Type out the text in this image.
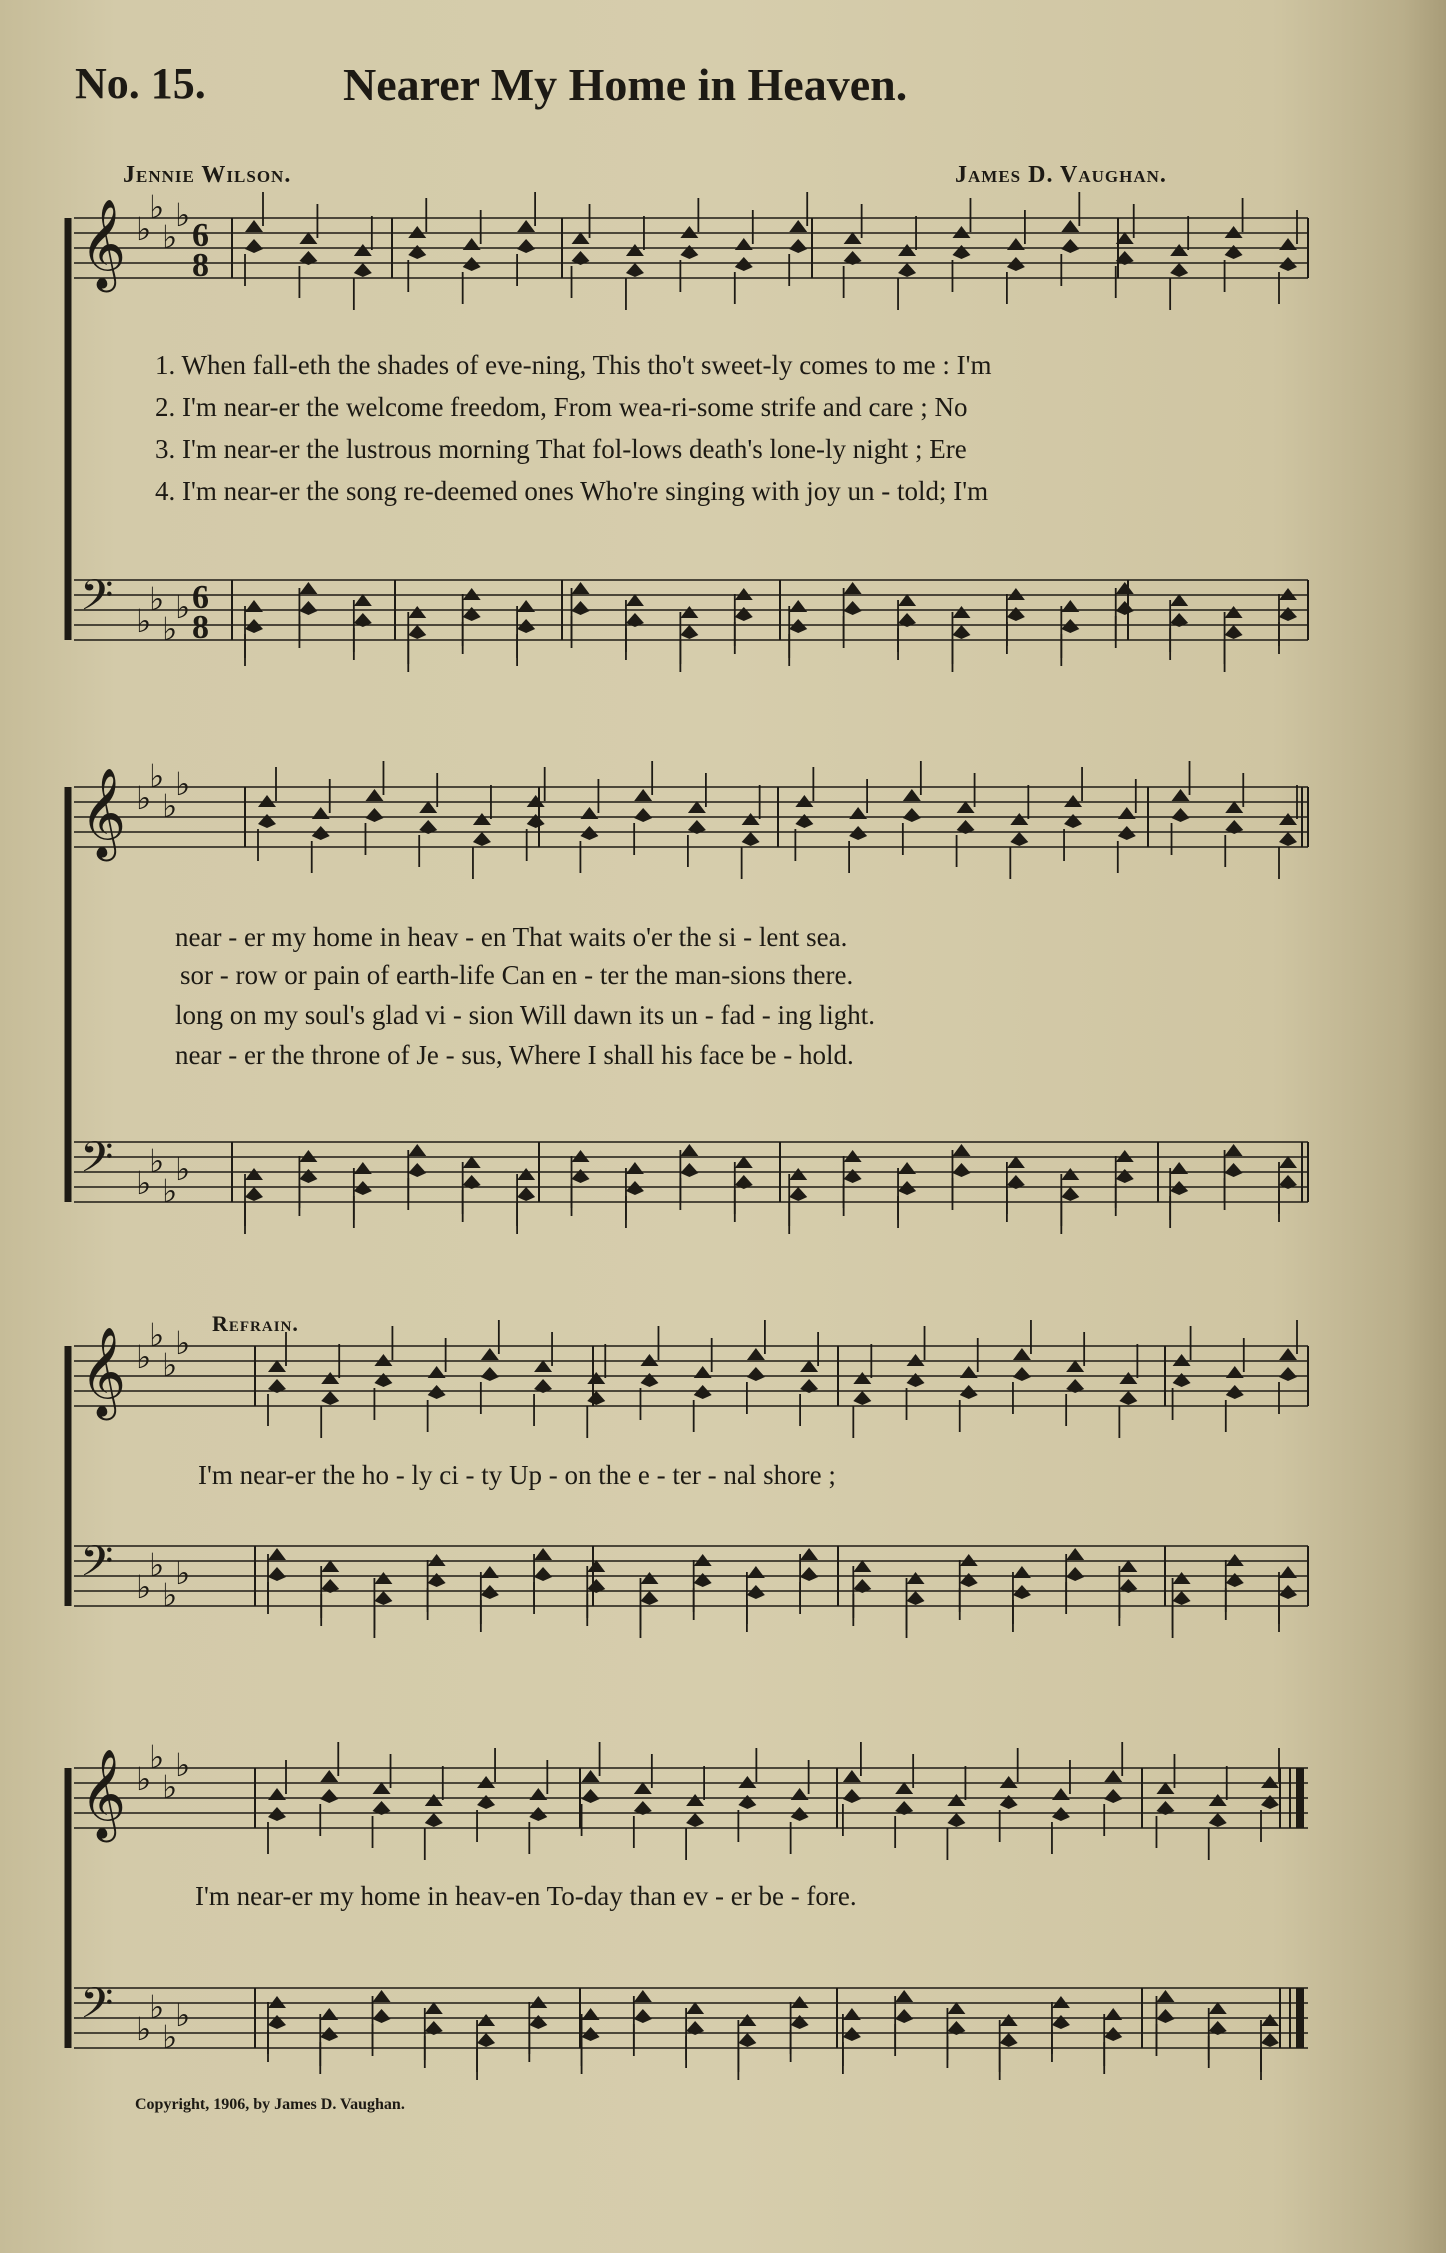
No. 15.	Nearer My Home in Heaven.
Jennie Wilson.	James D. Vaughan.
𝄞 ♭
♭
♭
♭
6
8
𝄢 ♭
♭
♭
♭ 6
8
𝄞 ♭
♭
♭
♭
𝄢 ♭
♭
♭
♭
𝄞 ♭
♭
♭
♭
𝄢 ♭
♭
♭
♭
𝄞 ♭
♭
♭
♭
𝄢 ♭
♭
♭
♭
1. When fall-eth the shades of eve-ning, This tho't sweet-ly comes to me : I'm
2. I'm near-er the welcome freedom, From wea-ri-some strife and care ; No
3. I'm near-er the lustrous morning That fol-lows death's lone-ly night ; Ere
4. I'm near-er the song re-deemed ones Who're singing with joy un - told; I'm
near - er my home in heav - en That waits o'er the si - lent sea.
sor - row or pain of earth-life Can en - ter the man-sions there.
long on my soul's glad vi - sion Will dawn its un - fad - ing light.
near - er the throne of Je - sus, Where I shall his face be - hold.
Refrain.
I'm near-er the ho - ly ci - ty Up - on the e - ter - nal shore ;
I'm near-er my home in heav-en To-day than ev - er be - fore.
Copyright, 1906, by James D. Vaughan.
